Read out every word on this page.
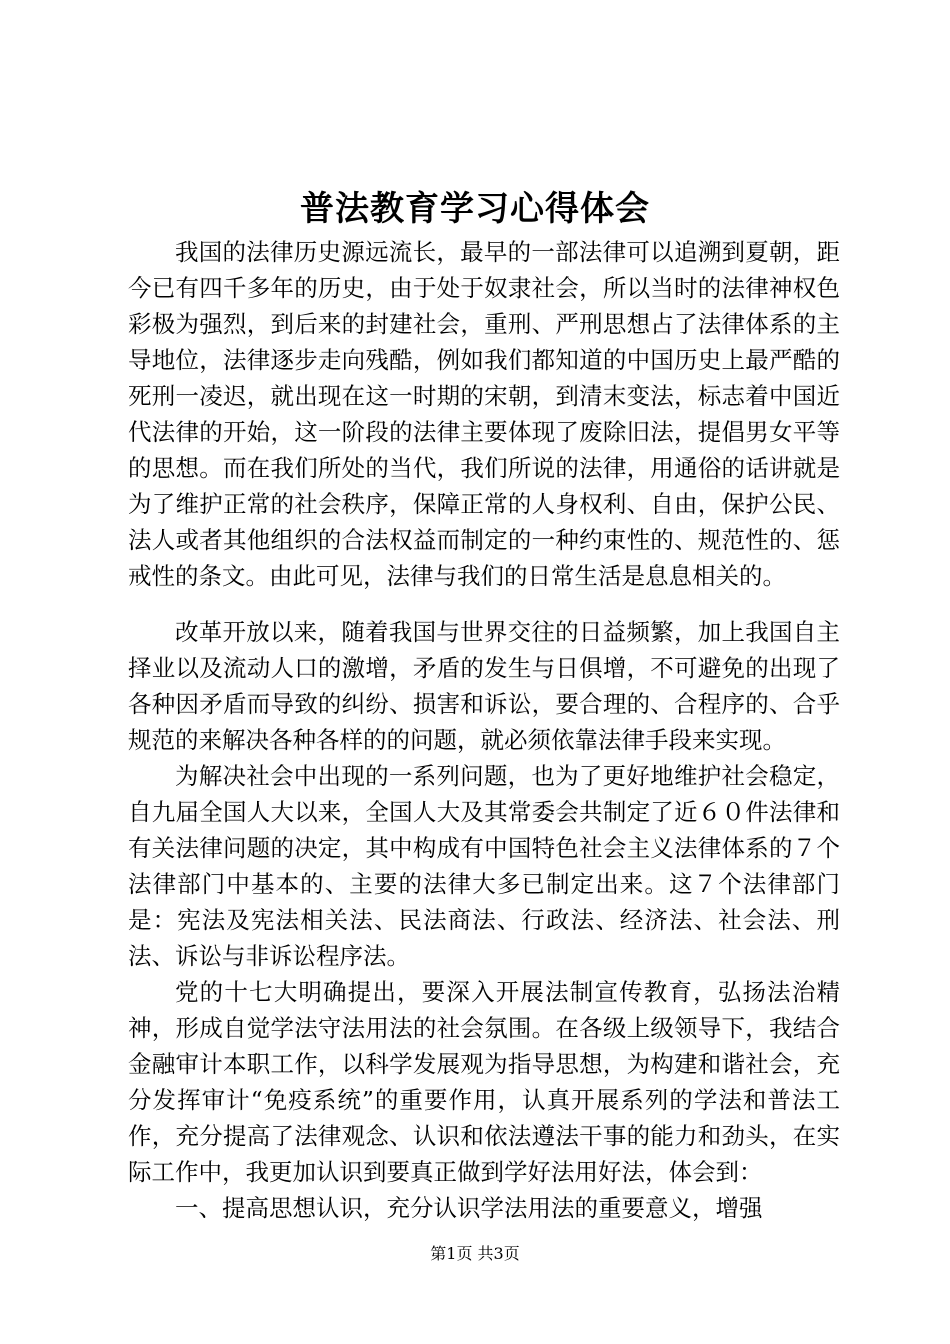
普法教育学习心得体会

我国的法律历史源远流长，最早的一部法律可以追溯到夏朝，距今已有四千多年的历史，由于处于奴隶社会，所以当时的法律神权色彩极为强烈，到后来的封建社会，重刑、严刑思想占了法律体系的主导地位，法律逐步走向残酷，例如我们都知道的中国历史上最严酷的死刑一凌迟，就出现在这一时期的宋朝，到清末变法，标志着中国近代法律的开始，这一阶段的法律主要体现了废除旧法，提倡男女平等的思想。而在我们所处的当代，我们所说的法律，用通俗的话讲就是为了维护正常的社会秩序，保障正常的人身权利、自由，保护公民、法人或者其他组织的合法权益而制定的一种约束性的、规范性的、惩戒性的条文。由此可见，法律与我们的日常生活是息息相关的。

改革开放以来，随着我国与世界交往的日益频繁，加上我国自主择业以及流动人口的激增，矛盾的发生与日俱增，不可避免的出现了各种因矛盾而导致的纠纷、损害和诉讼，要合理的、合程序的、合乎规范的来解决各种各样的的问题，就必须依靠法律手段来实现。

为解决社会中出现的一系列问题，也为了更好地维护社会稳定，自九届全国人大以来，全国人大及其常委会共制定了近６０件法律和有关法律问题的决定，其中构成有中国特色社会主义法律体系的７个法律部门中基本的、主要的法律大多已制定出来。这７个法律部门是：宪法及宪法相关法、民法商法、行政法、经济法、社会法、刑法、诉讼与非诉讼程序法。

党的十七大明确提出，要深入开展法制宣传教育，弘扬法治精神，形成自觉学法守法用法的社会氛围。在各级上级领导下，我结合金融审计本职工作，以科学发展观为指导思想，为构建和谐社会，充分发挥审计“免疫系统”的重要作用，认真开展系列的学法和普法工作，充分提高了法律观念、认识和依法遵法干事的能力和劲头，在实际工作中，我更加认识到要真正做到学好法用好法，体会到：

一、提高思想认识，充分认识学法用法的重要意义，增强

第1页 共3页
